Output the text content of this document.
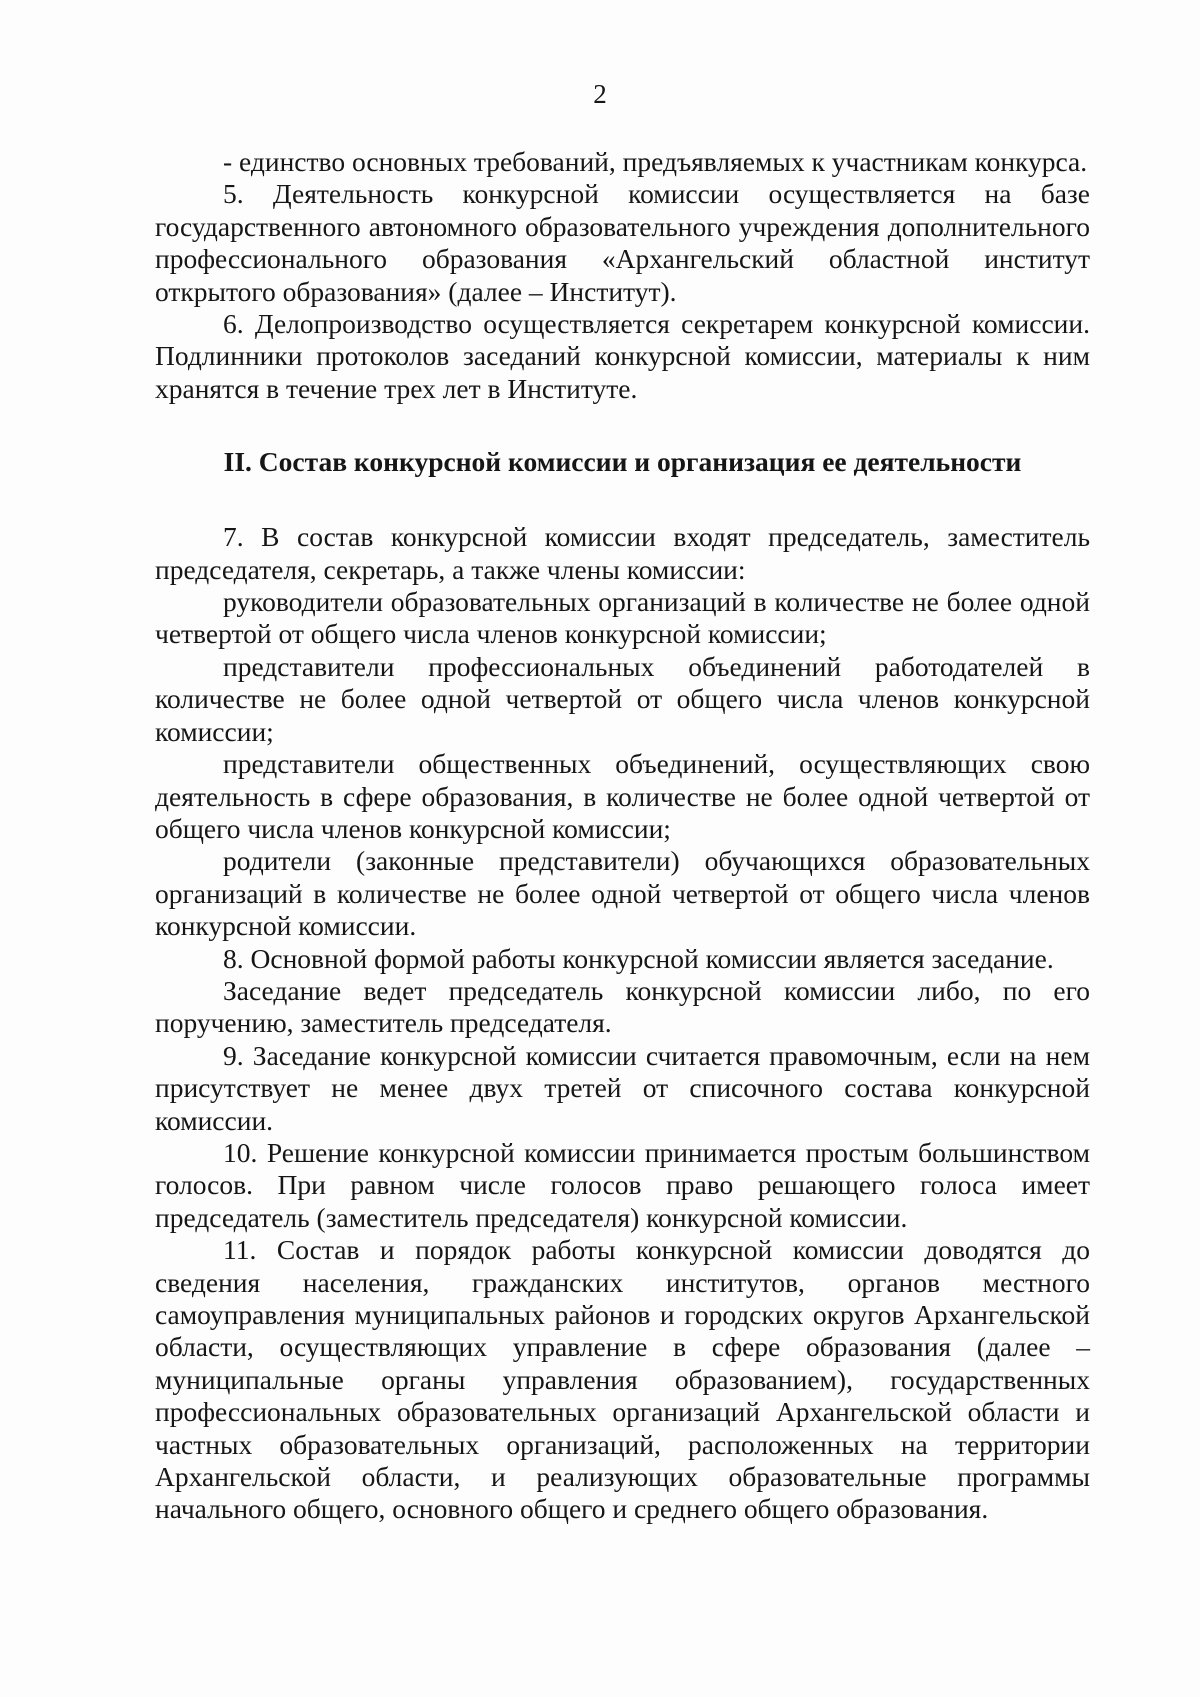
2

- единство основных требований, предъявляемых к участникам конкурса.

5. Деятельность конкурсной комиссии осуществляется на базе государственного автономного образовательного учреждения дополнительного профессионального образования «Архангельский областной институт открытого образования» (далее – Институт).

6. Делопроизводство осуществляется секретарем конкурсной комиссии. Подлинники протоколов заседаний конкурсной комиссии, материалы к ним хранятся в течение трех лет в Институте.

II. Состав конкурсной комиссии и организация ее деятельности

7. В состав конкурсной комиссии входят председатель, заместитель председателя, секретарь, а также члены комиссии:

руководители образовательных организаций в количестве не более одной четвертой от общего числа членов конкурсной комиссии;

представители профессиональных объединений работодателей в количестве не более одной четвертой от общего числа членов конкурсной комиссии;

представители общественных объединений, осуществляющих свою деятельность в сфере образования, в количестве не более одной четвертой от общего числа членов конкурсной комиссии;

родители (законные представители) обучающихся образовательных организаций в количестве не более одной четвертой от общего числа членов конкурсной комиссии.

8. Основной формой работы конкурсной комиссии является заседание.

Заседание ведет председатель конкурсной комиссии либо, по его поручению, заместитель председателя.

9. Заседание конкурсной комиссии считается правомочным, если на нем присутствует не менее двух третей от списочного состава конкурсной комиссии.

10. Решение конкурсной комиссии принимается простым большинством голосов. При равном числе голосов право решающего голоса имеет председатель (заместитель председателя) конкурсной комиссии.

11. Состав и порядок работы конкурсной комиссии доводятся до сведения населения, гражданских институтов, органов местного самоуправления муниципальных районов и городских округов Архангельской области, осуществляющих управление в сфере образования (далее – муниципальные органы управления образованием), государственных профессиональных образовательных организаций Архангельской области и частных образовательных организаций, расположенных на территории Архангельской области, и реализующих образовательные программы начального общего, основного общего и среднего общего образования.
